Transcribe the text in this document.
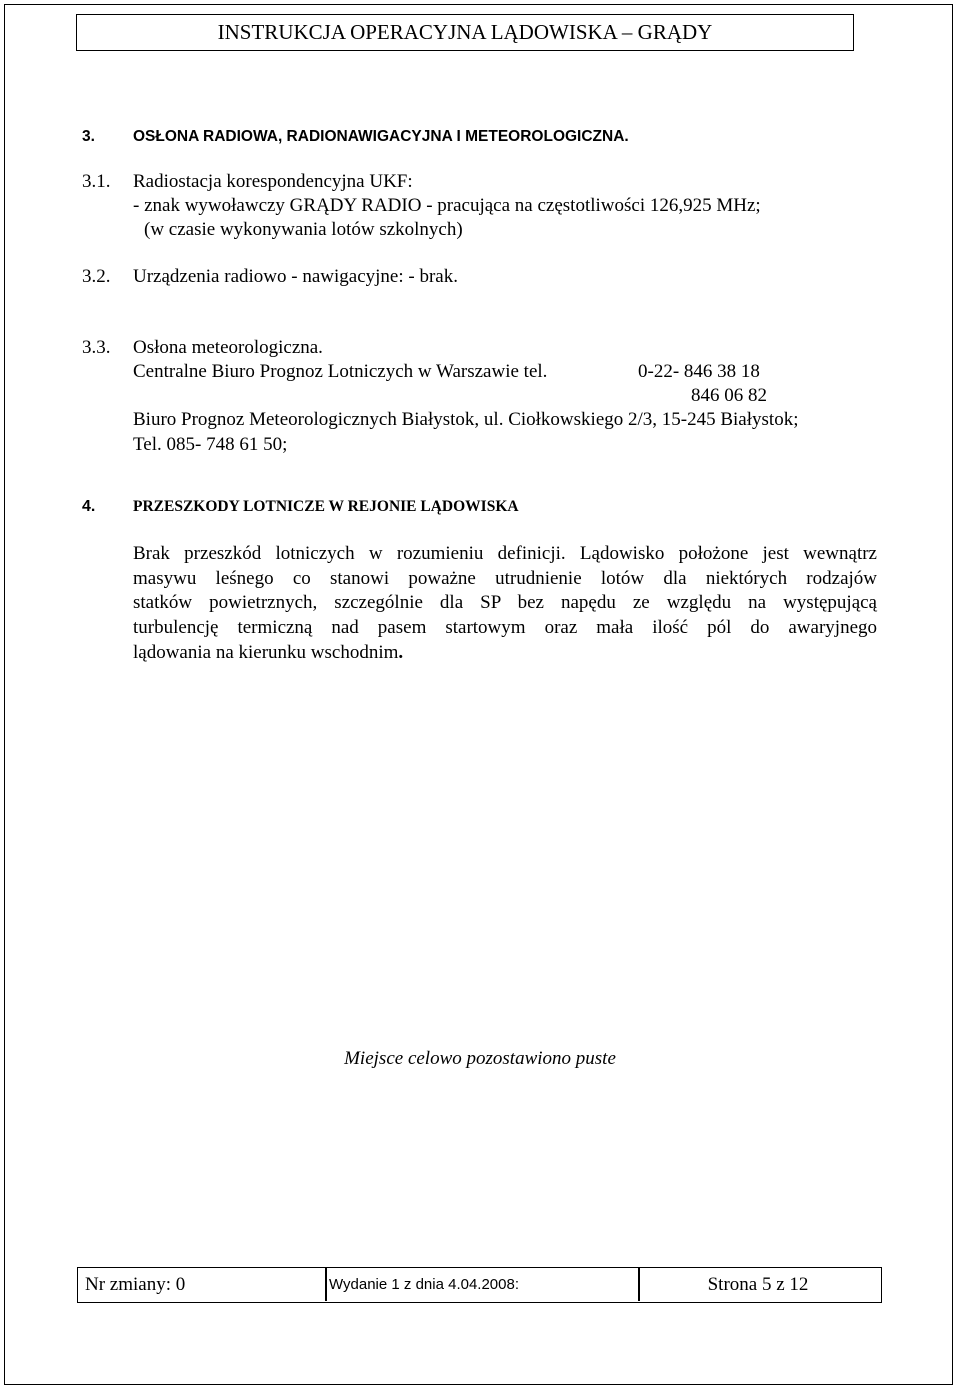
INSTRUKCJA OPERACYJNA LĄDOWISKA – GRĄDY
3. OSŁONA RADIOWA, RADIONAWIGACYJNA I METEOROLOGICZNA.
3.1. Radiostacja korespondencyjna UKF:
- znak wywoławczy GRĄDY RADIO - pracująca na częstotliwości 126,925 MHz;
(w czasie wykonywania lotów szkolnych)
3.2. Urządzenia radiowo - nawigacyjne: - brak.
3.3. Osłona meteorologiczna.
Centralne Biuro Prognoz Lotniczych w Warszawie tel.	0-22- 846 38 18
846 06 82
Biuro Prognoz Meteorologicznych Białystok, ul. Ciołkowskiego 2/3, 15-245 Białystok;
Tel. 085- 748 61 50;
4. PRZESZKODY LOTNICZE W REJONIE LĄDOWISKA
Brak przeszkód lotniczych w rozumieniu definicji. Lądowisko położone jest wewnątrz
masywu leśnego co stanowi poważne utrudnienie lotów dla niektórych rodzajów
statków powietrznych, szczególnie dla SP bez napędu ze względu na występującą
turbulencję termiczną nad pasem startowym oraz mała ilość pól do awaryjnego
lądowania na kierunku wschodnim.
Miejsce celowo pozostawiono puste
Nr zmiany: 0	Wydanie 1 z dnia 4.04.2008:	Strona 5 z 12
